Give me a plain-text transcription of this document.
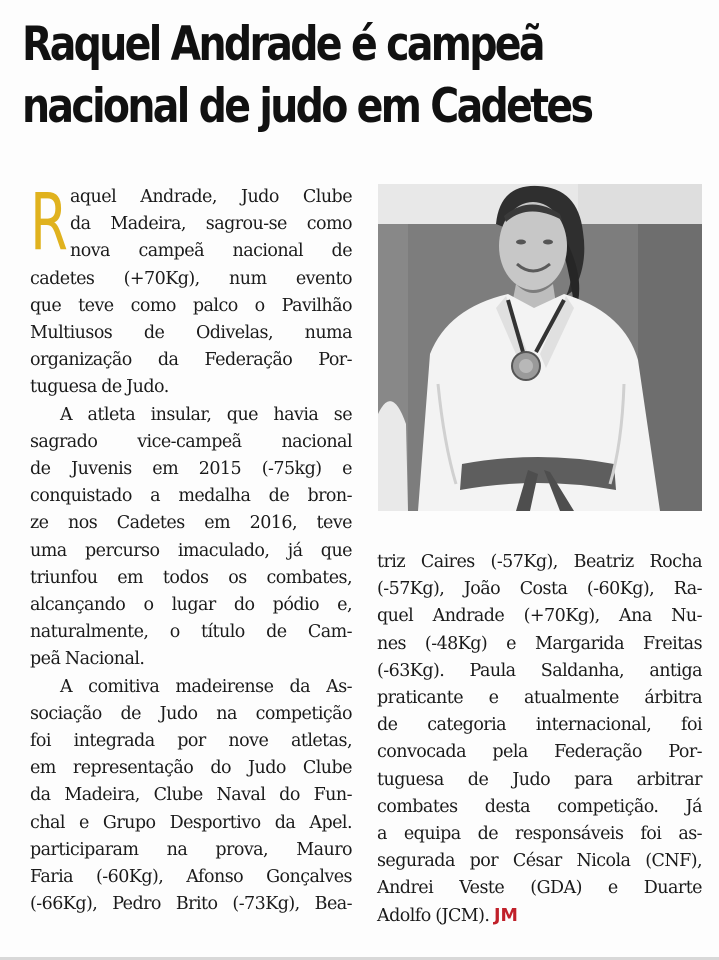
Raquel Andrade é campeã
nacional de judo em Cadetes
R aquel Andrade, Judo Clube
da Madeira, sagrou-se como
nova campeã nacional de
cadetes (+70Kg), num evento
que teve como palco o Pavilhão
Multiusos de Odivelas, numa
organização da Federação Por-
tuguesa de Judo.
A atleta insular, que havia se
sagrado vice-campeã nacional
de Juvenis em 2015 (-75kg) e
conquistado a medalha de bron-
ze nos Cadetes em 2016, teve
uma percurso imaculado, já que
triunfou em todos os combates,
alcançando o lugar do pódio e,
naturalmente, o título de Cam-
peã Nacional.
A comitiva madeirense da As-
sociação de Judo na competição
foi integrada por nove atletas,
em representação do Judo Clube
da Madeira, Clube Naval do Fun-
chal e Grupo Desportivo da Apel.
participaram na prova, Mauro
Faria (-60Kg), Afonso Gonçalves
(-66Kg), Pedro Brito (-73Kg), Bea-
triz Caires (-57Kg), Beatriz Rocha
(-57Kg), João Costa (-60Kg), Ra-
quel Andrade (+70Kg), Ana Nu-
nes (-48Kg) e Margarida Freitas
(-63Kg). Paula Saldanha, antiga
praticante e atualmente árbitra
de categoria internacional, foi
convocada pela Federação Por-
tuguesa de Judo para arbitrar
combates desta competição. Já
a equipa de responsáveis foi as-
segurada por César Nicola (CNF),
Andrei Veste (GDA) e Duarte
Adolfo (JCM). JM
